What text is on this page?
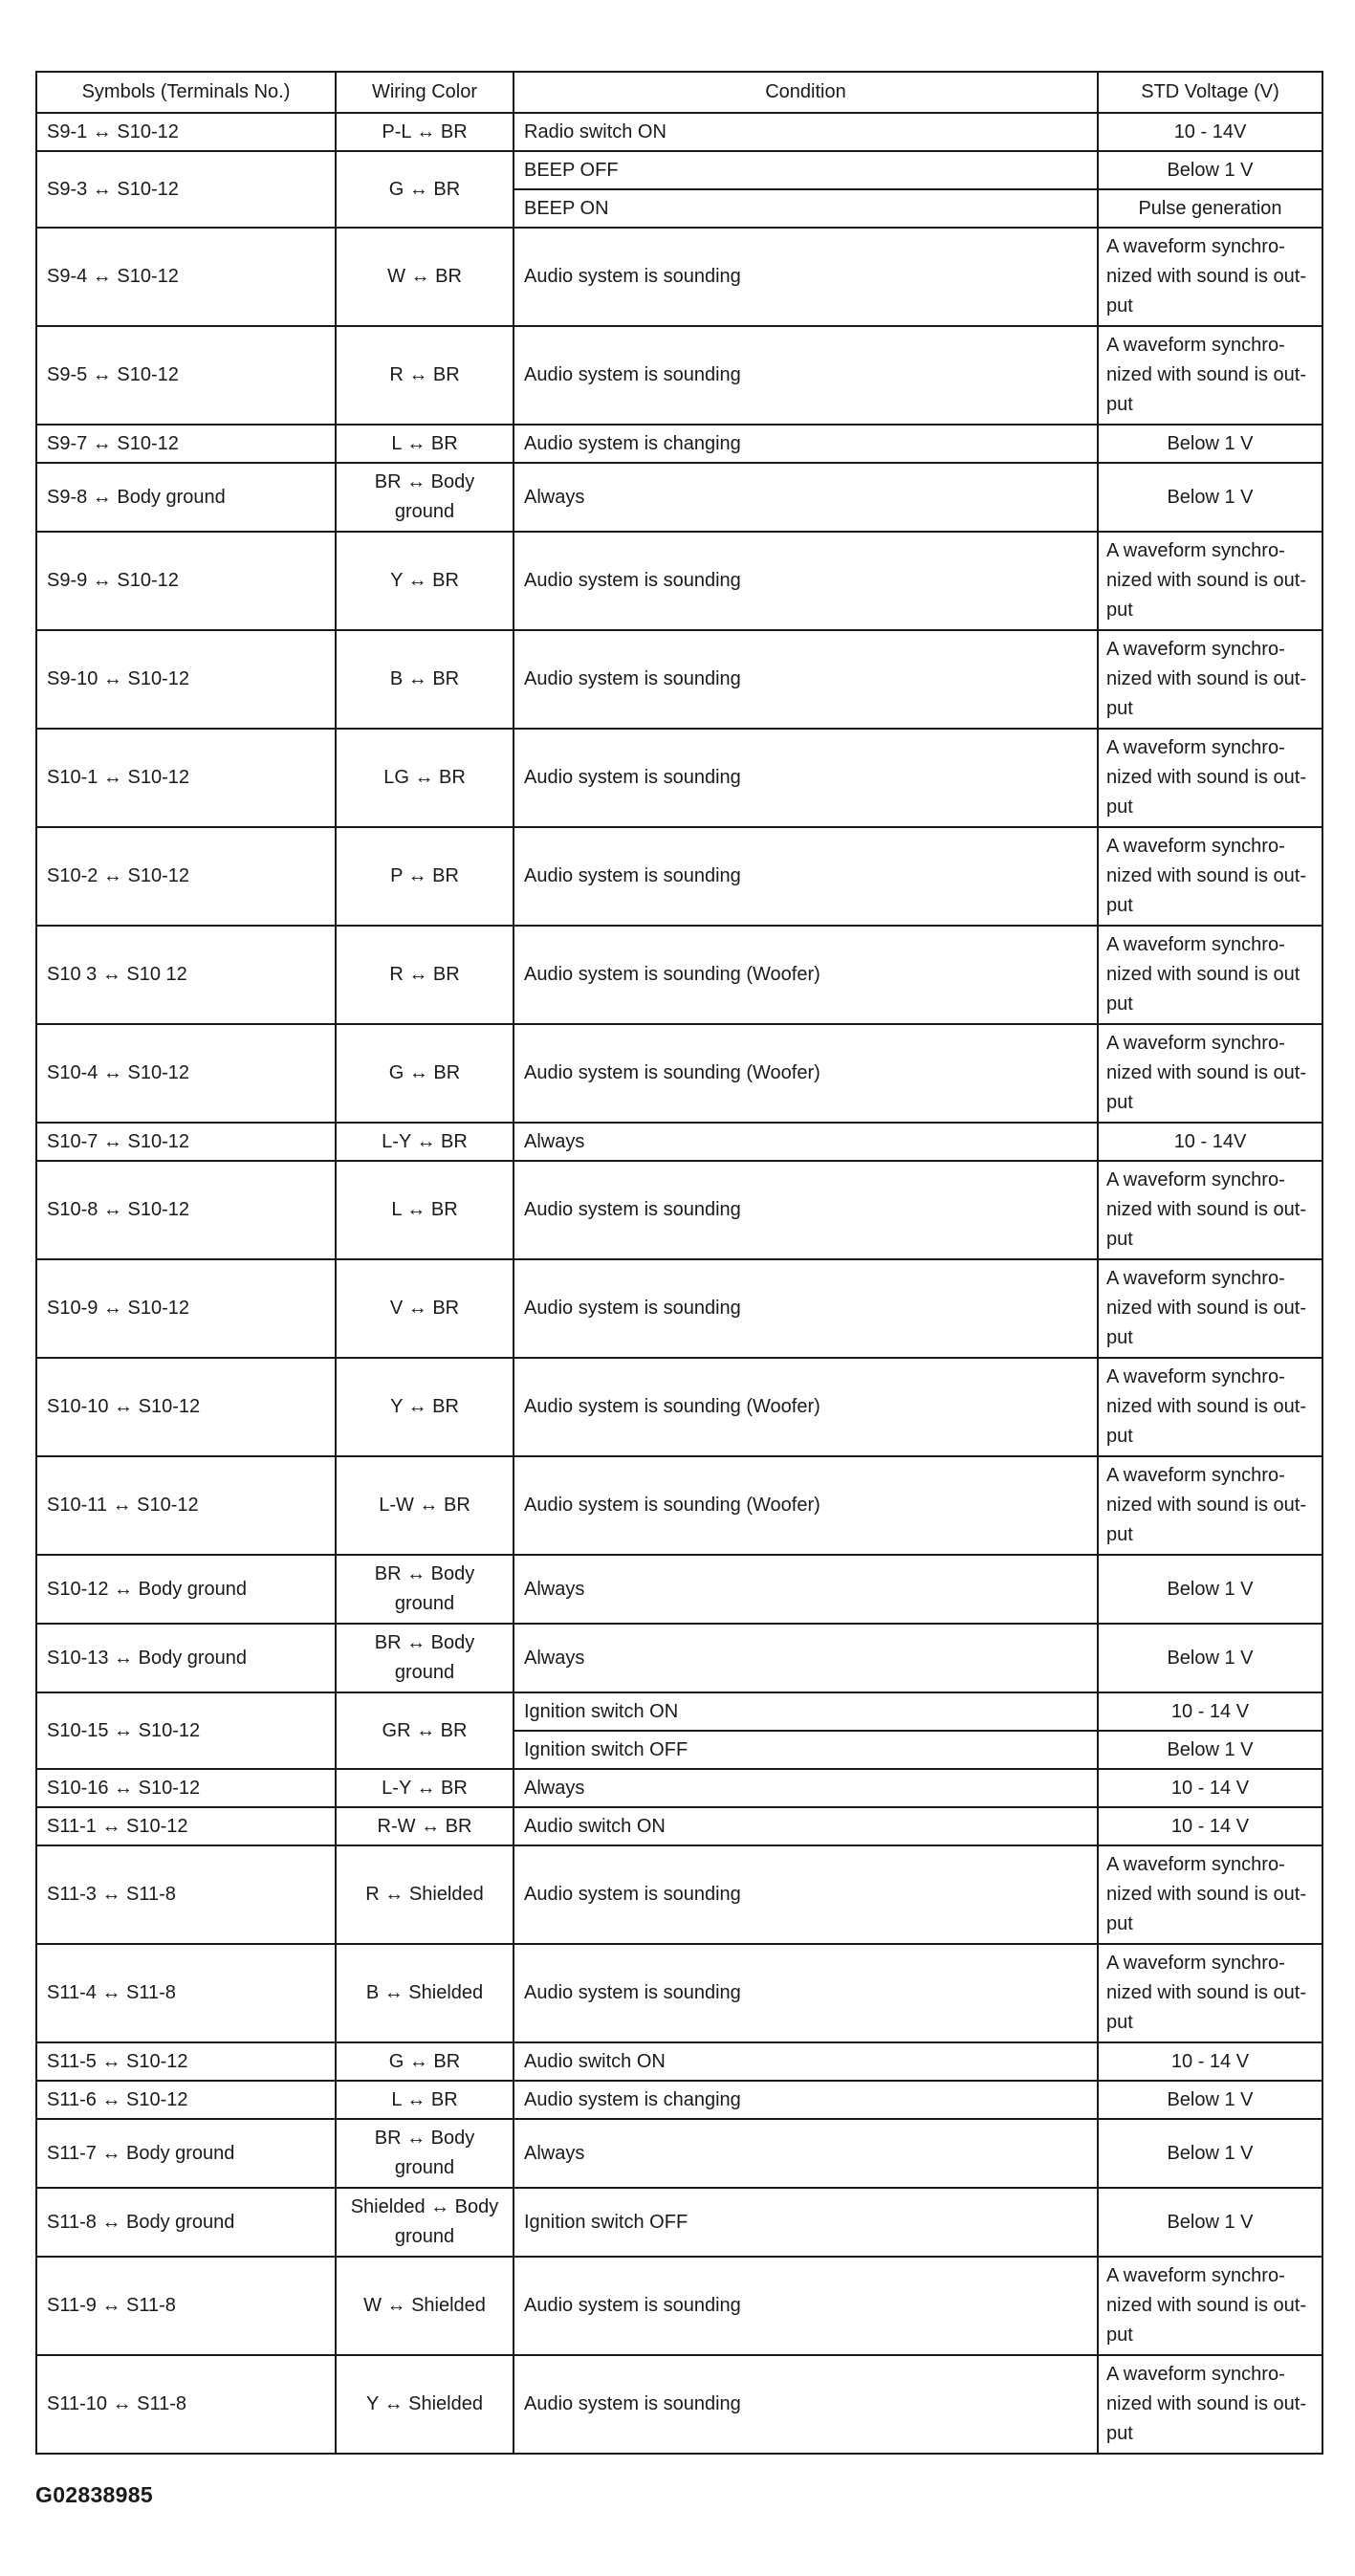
Symbols (Terminals No.)	Wiring Color	Condition	STD Voltage (V)
S9-1 ↔ S10-12	P-L ↔ BR	Radio switch ON	10 - 14V
S9-3 ↔ S10-12	G ↔ BR	BEEP OFF	Below 1 V
		BEEP ON	Pulse generation
S9-4 ↔ S10-12	W ↔ BR	Audio system is sounding	A waveform synchro-nized with sound is out-put
S9-5 ↔ S10-12	R ↔ BR	Audio system is sounding	A waveform synchro-nized with sound is out-put
S9-7 ↔ S10-12	L ↔ BR	Audio system is changing	Below 1 V
S9-8 ↔ Body ground	BR ↔ Body ground	Always	Below 1 V
S9-9 ↔ S10-12	Y ↔ BR	Audio system is sounding	A waveform synchro-nized with sound is out-put
S9-10 ↔ S10-12	B ↔ BR	Audio system is sounding	A waveform synchro-nized with sound is out-put
S10-1 ↔ S10-12	LG ↔ BR	Audio system is sounding	A waveform synchro-nized with sound is out-put
S10-2 ↔ S10-12	P ↔ BR	Audio system is sounding	A waveform synchro-nized with sound is out-put
S10 3 ↔ S10 12	R ↔ BR	Audio system is sounding (Woofer)	A waveform synchro-nized with sound is out put
S10-4 ↔ S10-12	G ↔ BR	Audio system is sounding (Woofer)	A waveform synchro-nized with sound is out-put
S10-7 ↔ S10-12	L-Y ↔ BR	Always	10 - 14V
S10-8 ↔ S10-12	L ↔ BR	Audio system is sounding	A waveform synchro-nized with sound is out-put
S10-9 ↔ S10-12	V ↔ BR	Audio system is sounding	A waveform synchro-nized with sound is out-put
S10-10 ↔ S10-12	Y ↔ BR	Audio system is sounding (Woofer)	A waveform synchro-nized with sound is out-put
S10-11 ↔ S10-12	L-W ↔ BR	Audio system is sounding (Woofer)	A waveform synchro-nized with sound is out-put
S10-12 ↔ Body ground	BR ↔ Body ground	Always	Below 1 V
S10-13 ↔ Body ground	BR ↔ Body ground	Always	Below 1 V
S10-15 ↔ S10-12	GR ↔ BR	Ignition switch ON	10 - 14 V
		Ignition switch OFF	Below 1 V
S10-16 ↔ S10-12	L-Y ↔ BR	Always	10 - 14 V
S11-1 ↔ S10-12	R-W ↔ BR	Audio switch ON	10 - 14 V
S11-3 ↔ S11-8	R ↔ Shielded	Audio system is sounding	A waveform synchro-nized with sound is out-put
S11-4 ↔ S11-8	B ↔ Shielded	Audio system is sounding	A waveform synchro-nized with sound is out-put
S11-5 ↔ S10-12	G ↔ BR	Audio switch ON	10 - 14 V
S11-6 ↔ S10-12	L ↔ BR	Audio system is changing	Below 1 V
S11-7 ↔ Body ground	BR ↔ Body ground	Always	Below 1 V
S11-8 ↔ Body ground	Shielded ↔ Body ground	Ignition switch OFF	Below 1 V
S11-9 ↔ S11-8	W ↔ Shielded	Audio system is sounding	A waveform synchro-nized with sound is out-put
S11-10 ↔ S11-8	Y ↔ Shielded	Audio system is sounding	A waveform synchro-nized with sound is out-put
G02838985
